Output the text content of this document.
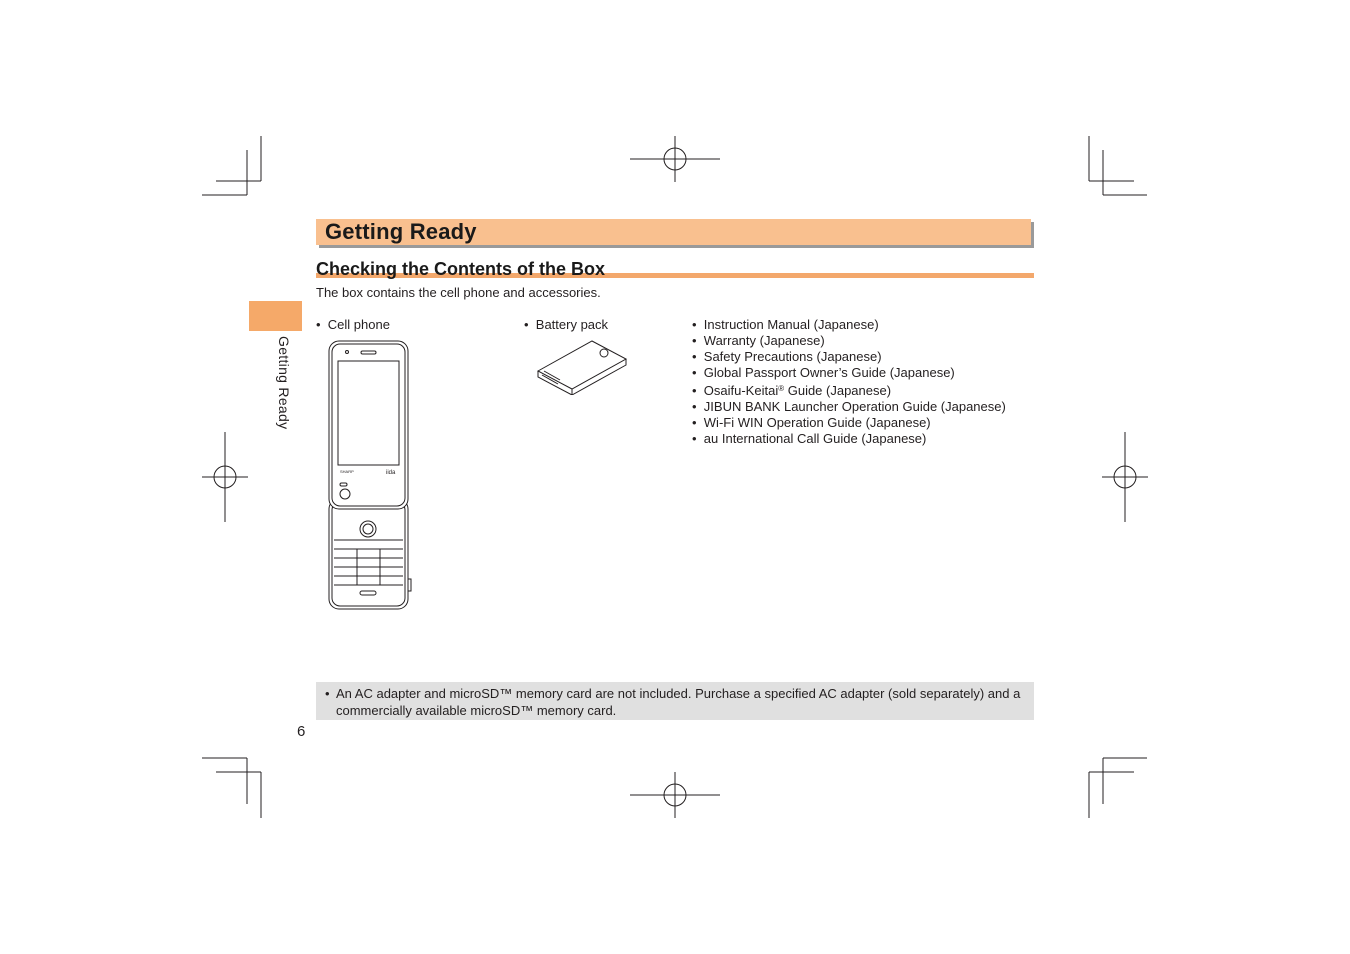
Getting Ready
Checking the Contents of the Box
The box contains the cell phone and accessories.
Getting Ready
•  Cell phone
SHARP	iida
•  Battery pack	•  Instruction Manual (Japanese)
•  Warranty (Japanese)
•  Safety Precautions (Japanese)
•  Global Passport Owner’s Guide (Japanese)
•  Osaifu-Keitai® Guide (Japanese)
•  JIBUN BANK Launcher Operation Guide (Japanese)
•  Wi-Fi WIN Operation Guide (Japanese)
•  au International Call Guide (Japanese)
• An AC adapter and microSD™ memory card are not included. Purchase a specified AC adapter (sold separately) and a commercially available microSD™ memory card.
6
